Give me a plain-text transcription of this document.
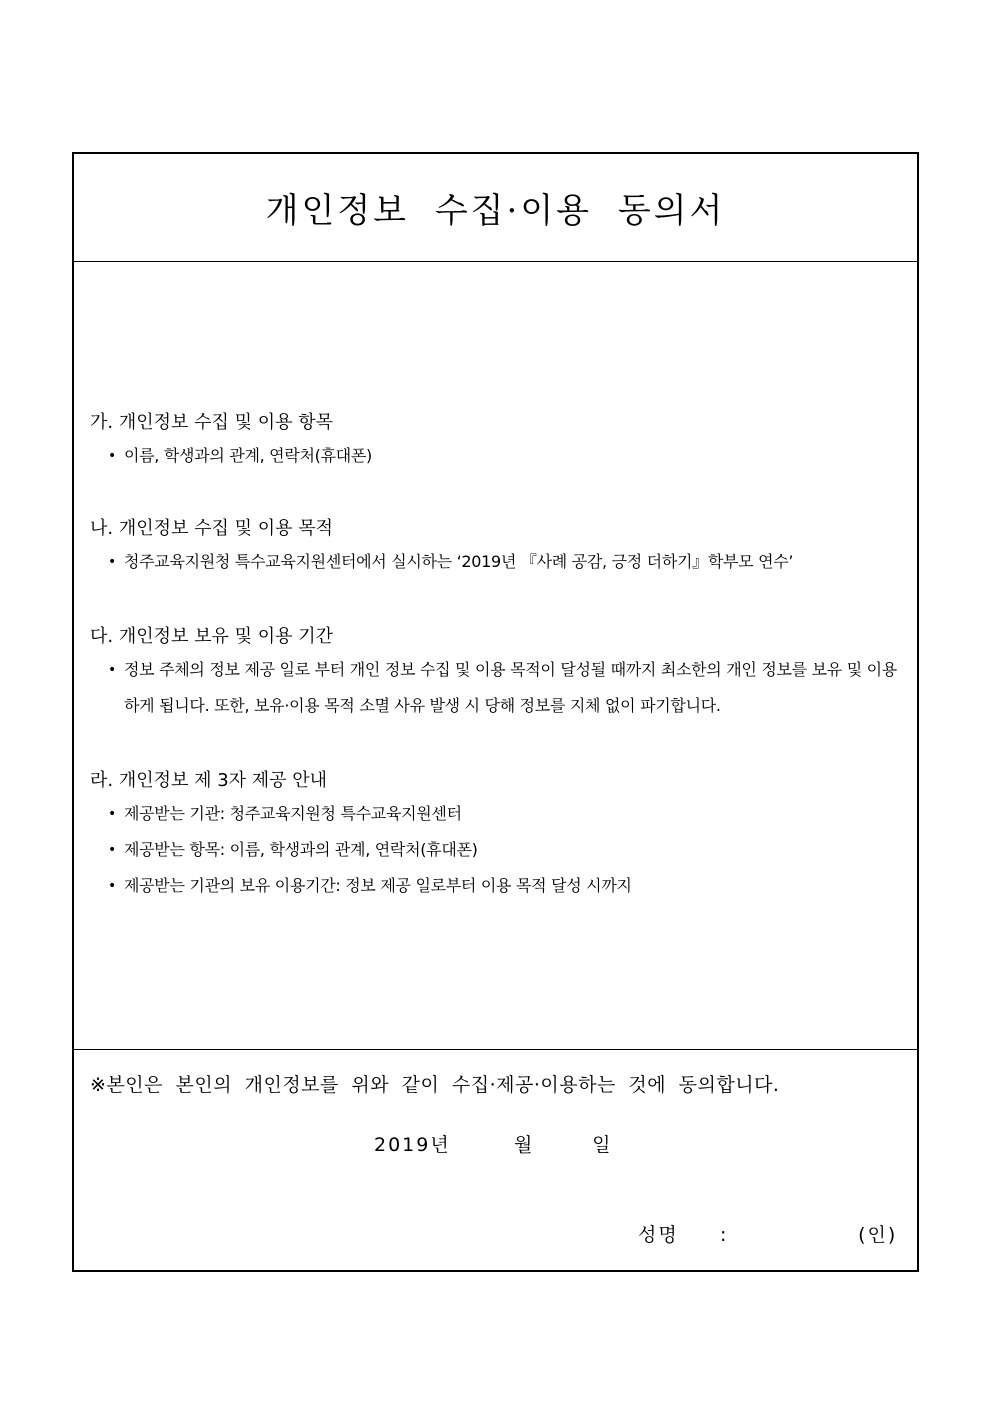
개인정보 수집·이용 동의서
가. 개인정보 수집 및 이용 항목
• 이름, 학생과의 관계, 연락처(휴대폰)
나. 개인정보 수집 및 이용 목적
• 청주교육지원청 특수교육지원센터에서 실시하는 ‘2019년 『사례 공감, 긍정 더하기』학부모 연수’
다. 개인정보 보유 및 이용 기간
• 정보 주체의 정보 제공 일로 부터 개인 정보 수집 및 이용 목적이 달성될 때까지 최소한의 개인 정보를 보유 및 이용하게 됩니다. 또한, 보유·이용 목적 소멸 사유 발생 시 당해 정보를 지체 없이 파기합니다.
라. 개인정보 제 3자 제공 안내
• 제공받는 기관: 청주교육지원청 특수교육지원센터
• 제공받는 항목: 이름, 학생과의 관계, 연락처(휴대폰)
• 제공받는 기관의 보유 이용기간: 정보 제공 일로부터 이용 목적 달성 시까지

※본인은 본인의 개인정보를 위와 같이 수집·제공·이용하는 것에 동의합니다.

2019년	월	일
성명 :	(인)
